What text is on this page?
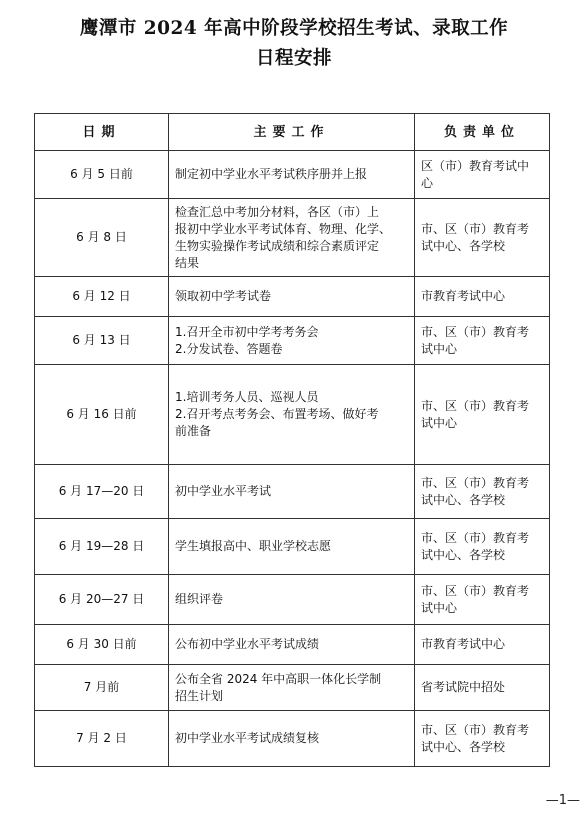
鹰潭市 2024 年高中阶段学校招生考试、录取工作
日程安排
日期	主要工作	负责单位
6 月 5 日前	制定初中学业水平考试秩序册并上报	区（市）教育考试中
心

6 月 8 日	检查汇总中考加分材料，各区（市）上
报初中学业水平考试体育、物理、化学、
生物实验操作考试成绩和综合素质评定
结果	市、区（市）教育考
试中心、各学校

6 月 12 日	领取初中学考试卷	市教育考试中心

6 月 13 日	1.召开全市初中学考考务会
2.分发试卷、答题卷	市、区（市）教育考
试中心

6 月 16 日前	1.培训考务人员、巡视人员
2.召开考点考务会、布置考场、做好考
前准备	市、区（市）教育考
试中心

6 月 17—20 日	初中学业水平考试	市、区（市）教育考
试中心、各学校

6 月 19—28 日	学生填报高中、职业学校志愿	市、区（市）教育考
试中心、各学校

6 月 20—27 日	组织评卷	市、区（市）教育考
试中心

6 月 30 日前	公布初中学业水平考试成绩	市教育考试中心

7 月前	公布全省 2024 年中高职一体化长学制
招生计划	省考试院中招处

7 月 2 日	初中学业水平考试成绩复核	市、区（市）教育考
试中心、各学校
—1—
